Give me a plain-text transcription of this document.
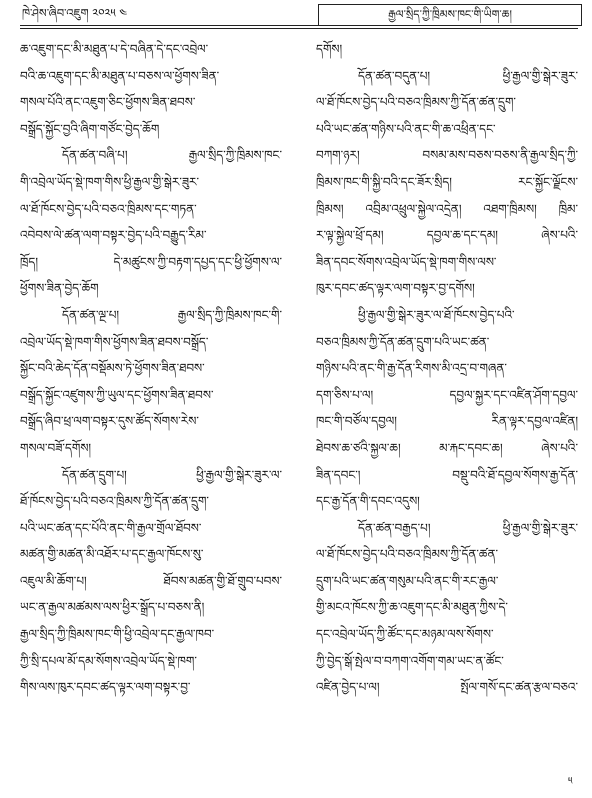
ཁེ་ཤེས་ཞིབ་འཇུག ༢༠༢༥ ༤	རྒྱལ་སྲིད་ཀྱི་ཁྲིམས་ཁང་གི་ཡིག་ཆ།
ཆ་འཇུག་དང་མི་མཐུན་པ་དེ་བཞིན་དེ་དང་འབྲེལ་
བའི་ཆ་འཇུག་དང་མི་མཐུན་པ་བཅས་ལ་ཕྱོགས་ཟིན་
གསལ་པོའི་ནང་འཇུག་ཅིང་ཕྱོགས་ཟིན་ཐབས་
བསྒྲོད་སྐྱོང་བྱའི་ཞིག་གཙོང་བྱེད་ཆོག
དོན་ཚན་བཞི་པ། རྒྱལ་སྲིད་ཀྱི་ཁྲིམས་ཁང་
གི་འབྲེལ་ཡོད་སྡེ་ཁག་གིས་ཕྱི་རྒྱལ་གྱི་སྒེར་ཟུར་
ལ་ཐོ་ཁོངས་བྱེད་པའི་བཅའ་ཁྲིམས་དང་གཏན་
འབེབས་ལེ་ཚན་ལག་བསྟར་བྱེད་པའི་བརྒྱུད་རིམ་
ཁྲོད། དེ་མཚུངས་ཀྱི་བརྟག་དཔྱད་དང་ཕྱི་ཕྱོགས་ལ་
ཕྱོགས་ཟིན་བྱེད་ཆོག
དོན་ཚན་ལྔ་པ། རྒྱལ་སྲིད་ཀྱི་ཁྲིམས་ཁང་གི་
འབྲེལ་ཡོད་སྡེ་ཁག་གིས་ཕྱོགས་ཟིན་ཐབས་བསྒྲོད་
སྐྱོང་བའི་ཆེད་དོན་བསྡོམས་ཏེ་ཕྱོགས་ཟིན་ཐབས་
བསྒྲོད་སྐྱོང་འཛུགས་ཀྱི་ཡུལ་དང་ཕྱོགས་ཟིན་ཐབས་
བསྒྲོད་ཞིབ་ཕྲ་ལག་བསྟར་དུས་ཚོད་སོགས་རེས་
གསལ་བཟོ་དགོས།
དོན་ཚན་དྲུག་པ། ཕྱི་རྒྱལ་གྱི་སྒེར་ཟུར་ལ་
ཐོ་ཁོངས་བྱེད་པའི་བཅའ་ཁྲིམས་ཀྱི་དོན་ཚན་དྲུག་
པའི་ཡང་ཚན་དང་པོའི་ནང་གི་རྒྱལ་གྲོལ་ཐོབས་
མཚན་གྱི་མཚན་མི་འཐོར་པ་དང་རྒྱལ་ཁོངས་སུ་
འཇུལ་མི་ཆོག་པ། ཐོབས་མཚན་གྱི་ཐོ་གྲུབ་པབས་
ཡང་ན་རྒྱལ་མཚམས་ལས་ཕྱིར་སྒྲོད་པ་བཅས་ནི།
རྒྱལ་སྲིད་ཀྱི་ཁྲིམས་ཁང་གི་ཕྱི་འབྲེལ་དང་རྒྱལ་ཁབ་
ཀྱི་སྲི་དཔལ་མོ་དམ་སོགས་འབྲེལ་ཡོད་སྡེ་ཁག་
གིས་ལས་ཁུར་དབང་ཚད་ལྟར་ལག་བསྟར་བྱ་
དགོས།
དོན་ཚན་བདུན་པ། ཕྱི་རྒྱལ་གྱི་སྒེར་ཟུར་
ལ་ཐོ་ཁོངས་བྱེད་པའི་བཅའ་ཁྲིམས་ཀྱི་དོན་ཚན་དྲུག་
པའི་ཡང་ཚན་གཉིས་པའི་ནང་གི་ཆ་འཕྲིན་དང་
བཀག་ཉར། བསམ་མས་བཅས་བཅས་ནི་རྒྱལ་སྲིད་ཀྱི་
ཁྲིམས་ཁང་གི་སྐྱི་བའི་དང་ཟོར་སྲིད། རང་སྐྱོང་ལྗོངས་
ཁྲིམས། འབྲིམ་འཕྲུལ་སྐྱེལ་འདྲེན། འཐག་ཁྲིམས། ཁྲིམ་
ར་ལྟ་སྐྱེལ་ཕྲོ་དམ། དབྱལ་ཆ་དང་དམ། ཞེས་པའི་
ཟིན་དབང་སོགས་འབྲེལ་ཡོད་སྡེ་ཁག་གིས་ལས་
ཁུར་དབང་ཚད་ལྟར་ལག་བསྟར་བྱ་དགོས།
ཕྱི་རྒྱལ་གྱི་སྒེར་ཟུར་ལ་ཐོ་ཁོངས་བྱེད་པའི་
བཅའ་ཁྲིམས་ཀྱི་དོན་ཚན་དྲུག་པའི་ཡང་ཚན་
གཉིས་པའི་ནང་གི་རྒྱ་དོན་རིགས་མི་འདྲ་བ་གཞན་
དག་ཅིས་པ་ལ། དབྱལ་སྐྱར་དང་འཛིན་ཤོག་དབྱལ་
ཁང་གི་བཙོལ་དབྱལ། རིན་ལྟར་དབྱལ་འཛིན།
ཐེབས་ཆ་ཙའི་སྐྱལ་ཆ། མ་རྐང་དབང་ཆ། ཞེས་པའི་
ཟིན་དབང་། བསྡུ་བའི་ཐོ་དབྱལ་སོགས་རྒྱ་དོན་
དང་རྒྱ་དོན་གི་དབང་འདུས།
དོན་ཚན་བརྒྱད་པ། ཕྱི་རྒྱལ་གྱི་སྒེར་ཟུར་
ལ་ཐོ་ཁོངས་བྱེད་པའི་བཅའ་ཁྲིམས་ཀྱི་དོན་ཚན་
དྲུག་པའི་ཡང་ཚན་གསུམ་པའི་ནང་གི་རང་རྒྱལ་
གྱི་མངའ་ཁོངས་ཀྱི་ཆ་འཇུག་དང་མི་མཐུན་ཀྱིས་དེ་
དང་འབྲེལ་ཡོད་ཀྱི་ཚོང་དང་མཉམ་ལས་སོགས་
ཀྱི་བྱེད་སྒོ་སྤེལ་བ་བཀག་འགོག་གམ་ཡང་ན་ཚོང་
འཛིན་བྱེད་པ་ལ། སྤོལ་གསོ་དང་ཚན་རྩལ་བཅའ་
༥
